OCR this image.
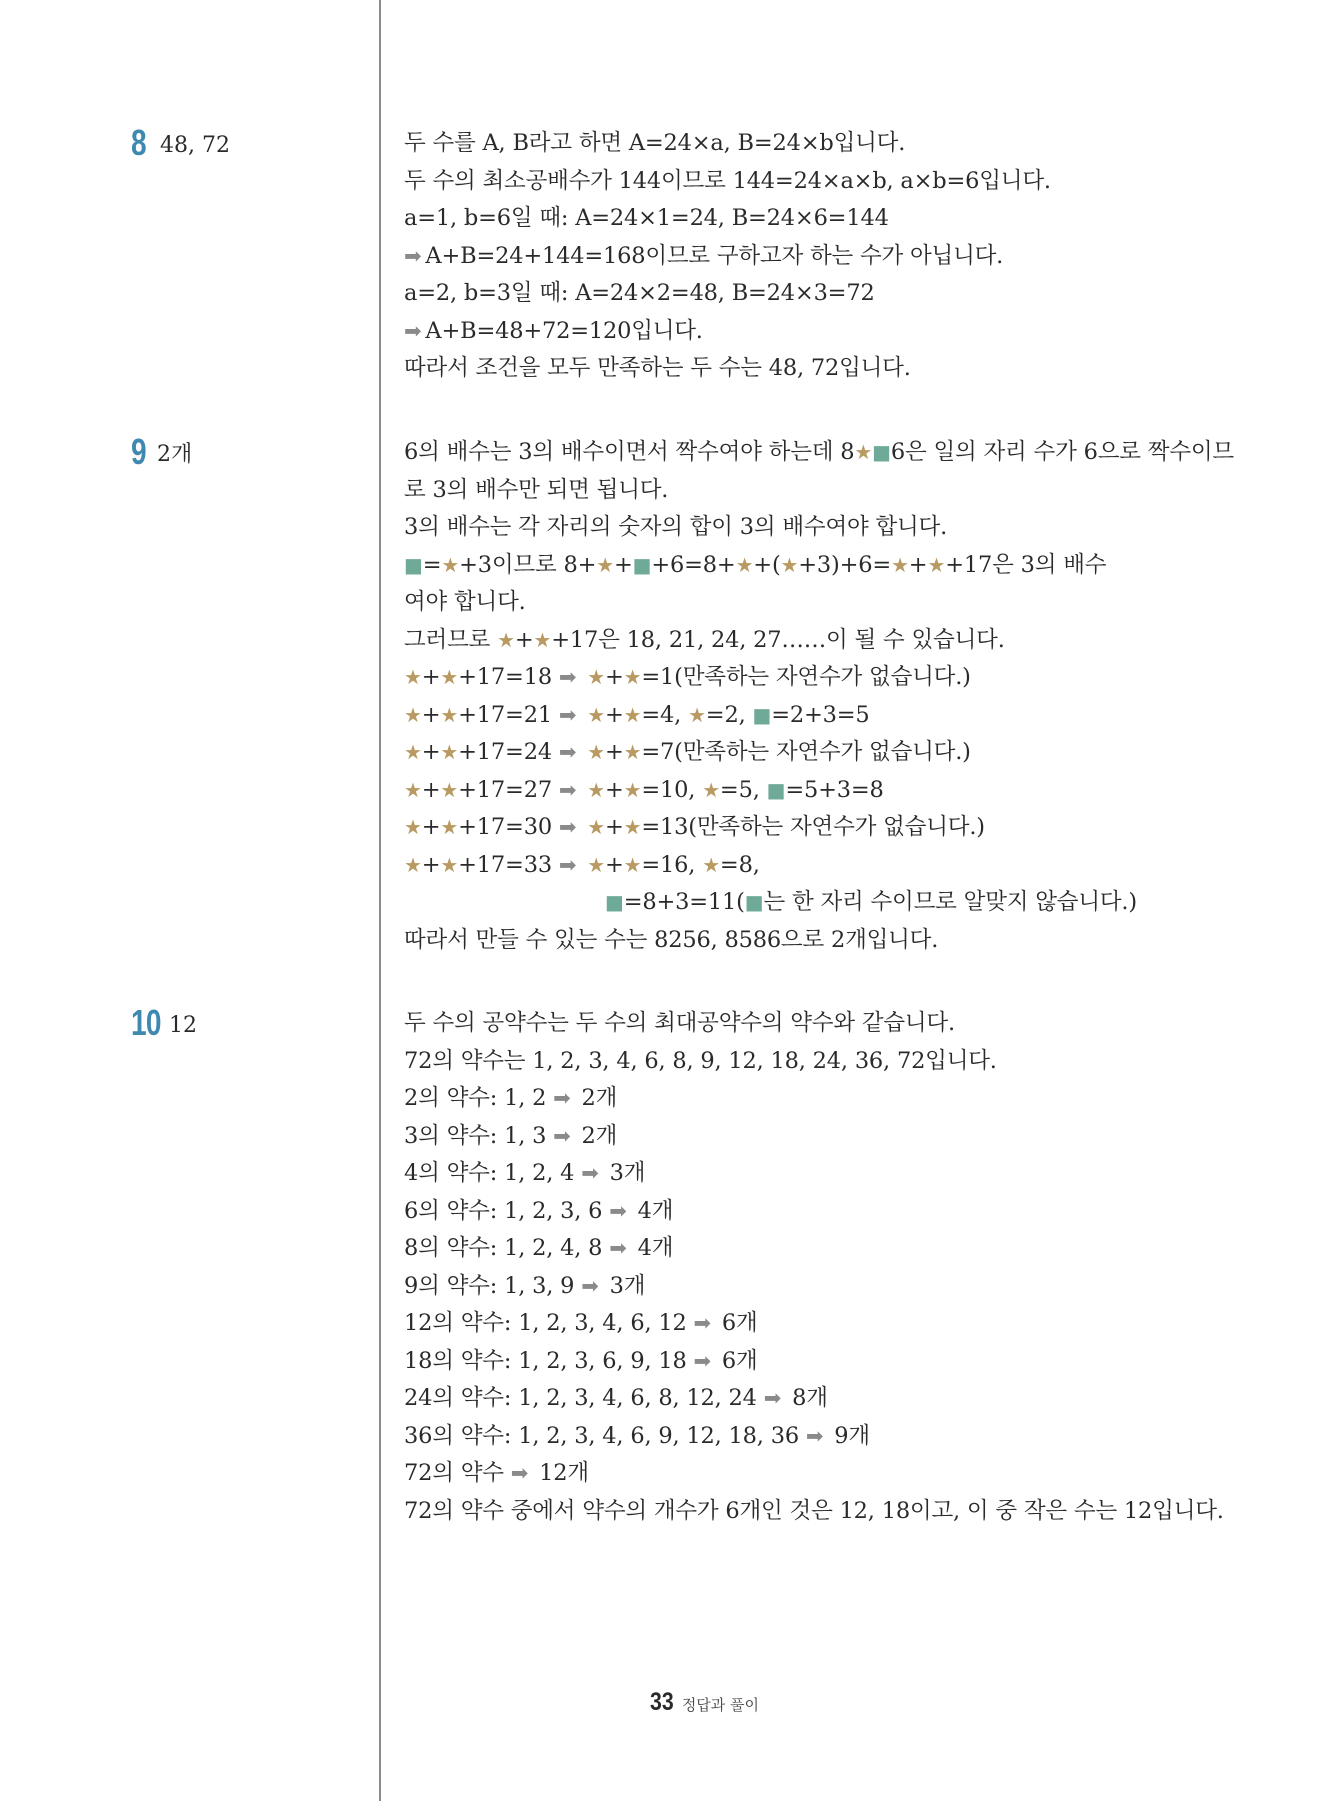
8 48, 72	두 수를 A, B라고 하면 A=24×a, B=24×b입니다.
두 수의 최소공배수가 144이므로 144=24×a×b, a×b=6입니다.
a=1, b=6일 때: A=24×1=24, B=24×6=144
➡ A+B=24+144=168이므로 구하고자 하는 수가 아닙니다.
a=2, b=3일 때: A=24×2=48, B=24×3=72
➡ A+B=48+72=120입니다.
따라서 조건을 모두 만족하는 두 수는 48, 72입니다.
9 2개	6의 배수는 3의 배수이면서 짝수여야 하는데 8★■6은 일의 자리 수가 6으로 짝수이므
로 3의 배수만 되면 됩니다.
3의 배수는 각 자리의 숫자의 합이 3의 배수여야 합니다.
■=★+3이므로 8+★+■+6=8+★+(★+3)+6=★+★+17은 3의 배수
여야 합니다.
그러므로 ★+★+17은 18, 21, 24, 27……이 될 수 있습니다.
★+★+17=18 ➡ ★+★=1(만족하는 자연수가 없습니다.)
★+★+17=21 ➡ ★+★=4, ★=2, ■=2+3=5
★+★+17=24 ➡ ★+★=7(만족하는 자연수가 없습니다.)
★+★+17=27 ➡ ★+★=10, ★=5, ■=5+3=8
★+★+17=30 ➡ ★+★=13(만족하는 자연수가 없습니다.)
★+★+17=33 ➡ ★+★=16, ★=8,
■=8+3=11(■는 한 자리 수이므로 알맞지 않습니다.)
따라서 만들 수 있는 수는 8256, 8586으로 2개입니다.
10 12	두 수의 공약수는 두 수의 최대공약수의 약수와 같습니다.
72의 약수는 1, 2, 3, 4, 6, 8, 9, 12, 18, 24, 36, 72입니다.
2의 약수: 1, 2 ➡ 2개
3의 약수: 1, 3 ➡ 2개
4의 약수: 1, 2, 4 ➡ 3개
6의 약수: 1, 2, 3, 6 ➡ 4개
8의 약수: 1, 2, 4, 8 ➡ 4개
9의 약수: 1, 3, 9 ➡ 3개
12의 약수: 1, 2, 3, 4, 6, 12 ➡ 6개
18의 약수: 1, 2, 3, 6, 9, 18 ➡ 6개
24의 약수: 1, 2, 3, 4, 6, 8, 12, 24 ➡ 8개
36의 약수: 1, 2, 3, 4, 6, 9, 12, 18, 36 ➡ 9개
72의 약수 ➡ 12개
72의 약수 중에서 약수의 개수가 6개인 것은 12, 18이고, 이 중 작은 수는 12입니다.
33 정답과 풀이
